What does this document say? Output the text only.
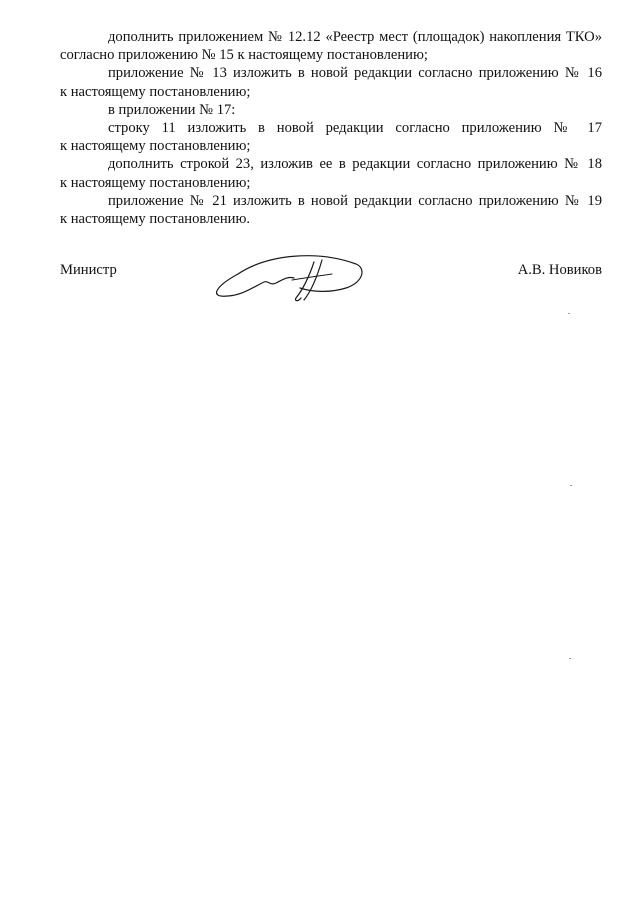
дополнить приложением № 12.12 «Реестр мест (площадок) накопления ТКО»
согласно приложению № 15 к настоящему постановлению;

приложение № 13 изложить в новой редакции согласно приложению № 16
к настоящему постановлению;

в приложении № 17:

строку 11 изложить в новой редакции согласно приложению № 17
к настоящему постановлению;

дополнить строкой 23, изложив ее в редакции согласно приложению № 18
к настоящему постановлению;

приложение № 21 изложить в новой редакции согласно приложению № 19
к настоящему постановлению.

Министр	А.В. Новиков
